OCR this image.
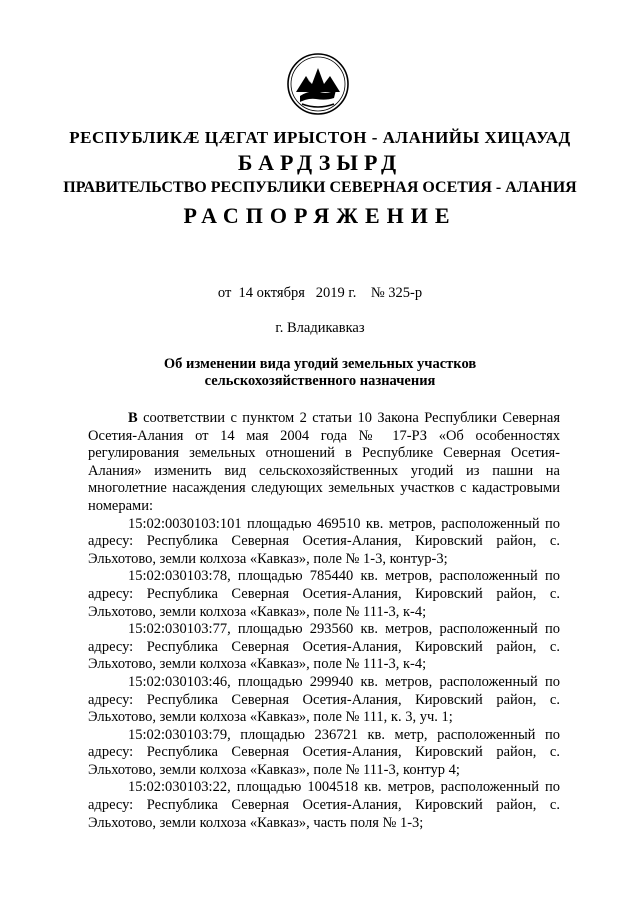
РЕСПУБЛИКÆ ЦÆГАТ ИРЫСТОН - АЛАНИЙЫ ХИЦАУАД
БАРДЗЫРД
ПРАВИТЕЛЬСТВО РЕСПУБЛИКИ СЕВЕРНАЯ ОСЕТИЯ - АЛАНИЯ
РАСПОРЯЖЕНИЕ
от  14 октября   2019 г.    № 325-р
г. Владикавказ
Об изменении вида угодий земельных участков
сельскохозяйственного назначения

В соответствии с пунктом 2 статьи 10 Закона Республики Северная Осетия-Алания от 14 мая 2004 года № 17-РЗ «Об особенностях регулирования земельных отношений в Республике Северная Осетия-Алания» изменить вид сельскохозяйственных угодий из пашни на многолетние насаждения следующих земельных участков с кадастровыми номерами:

15:02:0030103:101 площадью 469510 кв. метров, расположенный по адресу: Республика Северная Осетия-Алания, Кировский район, с. Эльхотово, земли колхоза «Кавказ», поле № 1-3, контур-3;

15:02:030103:78, площадью 785440 кв. метров, расположенный по адресу: Республика Северная Осетия-Алания, Кировский район, с. Эльхотово, земли колхоза «Кавказ», поле № 111-3, к-4;

15:02:030103:77, площадью 293560 кв. метров, расположенный по адресу: Республика Северная Осетия-Алания, Кировский район, с. Эльхотово, земли колхоза «Кавказ», поле № 111-3, к-4;

15:02:030103:46, площадью 299940 кв. метров, расположенный по адресу: Республика Северная Осетия-Алания, Кировский район, с. Эльхотово, земли колхоза «Кавказ», поле № 111, к. 3, уч. 1;

15:02:030103:79, площадью 236721 кв. метр, расположенный по адресу: Республика Северная Осетия-Алания, Кировский район, с. Эльхотово, земли колхоза «Кавказ», поле № 111-3, контур 4;

15:02:030103:22, площадью 1004518 кв. метров, расположенный по адресу: Республика Северная Осетия-Алания, Кировский район, с. Эльхотово, земли колхоза «Кавказ», часть поля № 1-3;
